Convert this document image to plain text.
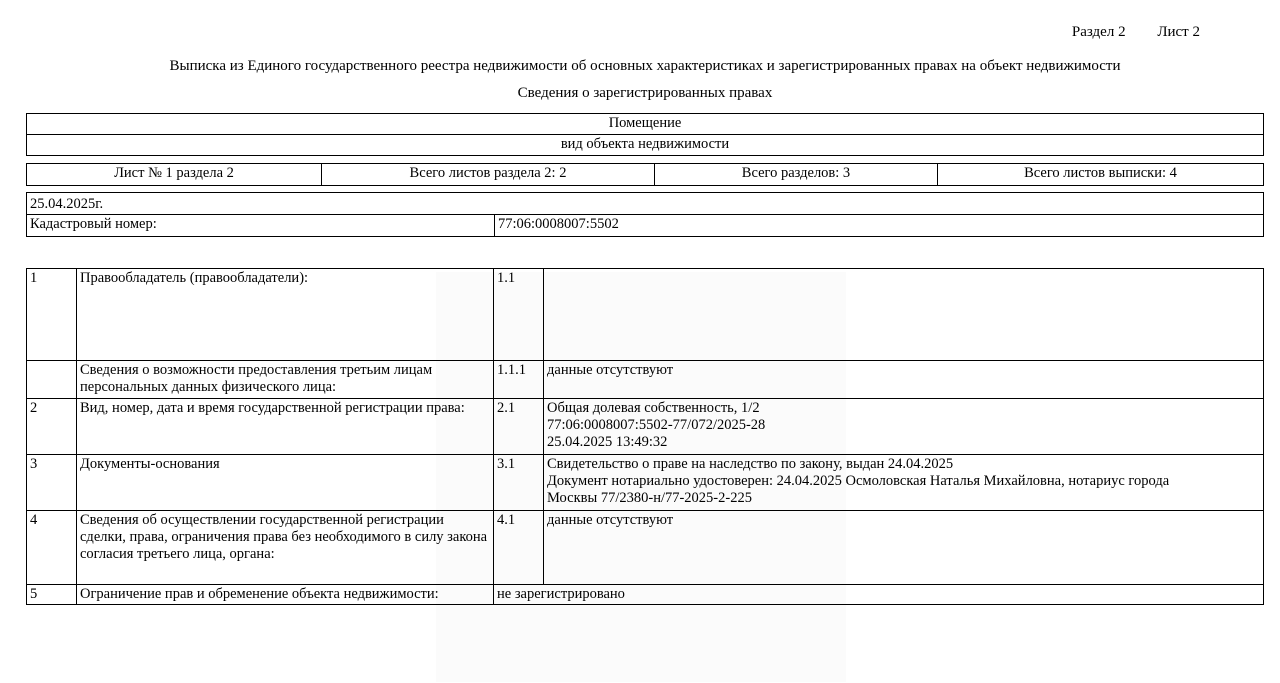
Раздел 2 Лист 2
Выписка из Единого государственного реестра недвижимости об основных характеристиках и зарегистрированных правах на объект недвижимости
Сведения о зарегистрированных правах
Помещение
вид объекта недвижимости
Лист № 1 раздела 2	Всего листов раздела 2: 2	Всего разделов: 3	Всего листов выписки: 4
25.04.2025г.
Кадастровый номер:	77:06:0008007:5502
1	Правообладатель (правообладатели):	1.1	
	Сведения о возможности предоставления третьим лицам персональных данных физического лица:	1.1.1	данные отсутствуют
2	Вид, номер, дата и время государственной регистрации права:	2.1	Общая долевая собственность, 1/2
77:06:0008007:5502-77/072/2025-28
25.04.2025 13:49:32

3	Документы-основания	3.1	Свидетельство о праве на наследство по закону, выдан 24.04.2025
Документ нотариально удостоверен: 24.04.2025 Осмоловская Наталья Михайловна, нотариус города
Москвы 77/2380-н/77-2025-2-225

4	Сведения об осуществлении государственной регистрации сделки, права, ограничения права без необходимого в силу закона согласия третьего лица, органа:	4.1	данные отсутствуют
5	Ограничение прав и обременение объекта недвижимости:	не зарегистрировано	
